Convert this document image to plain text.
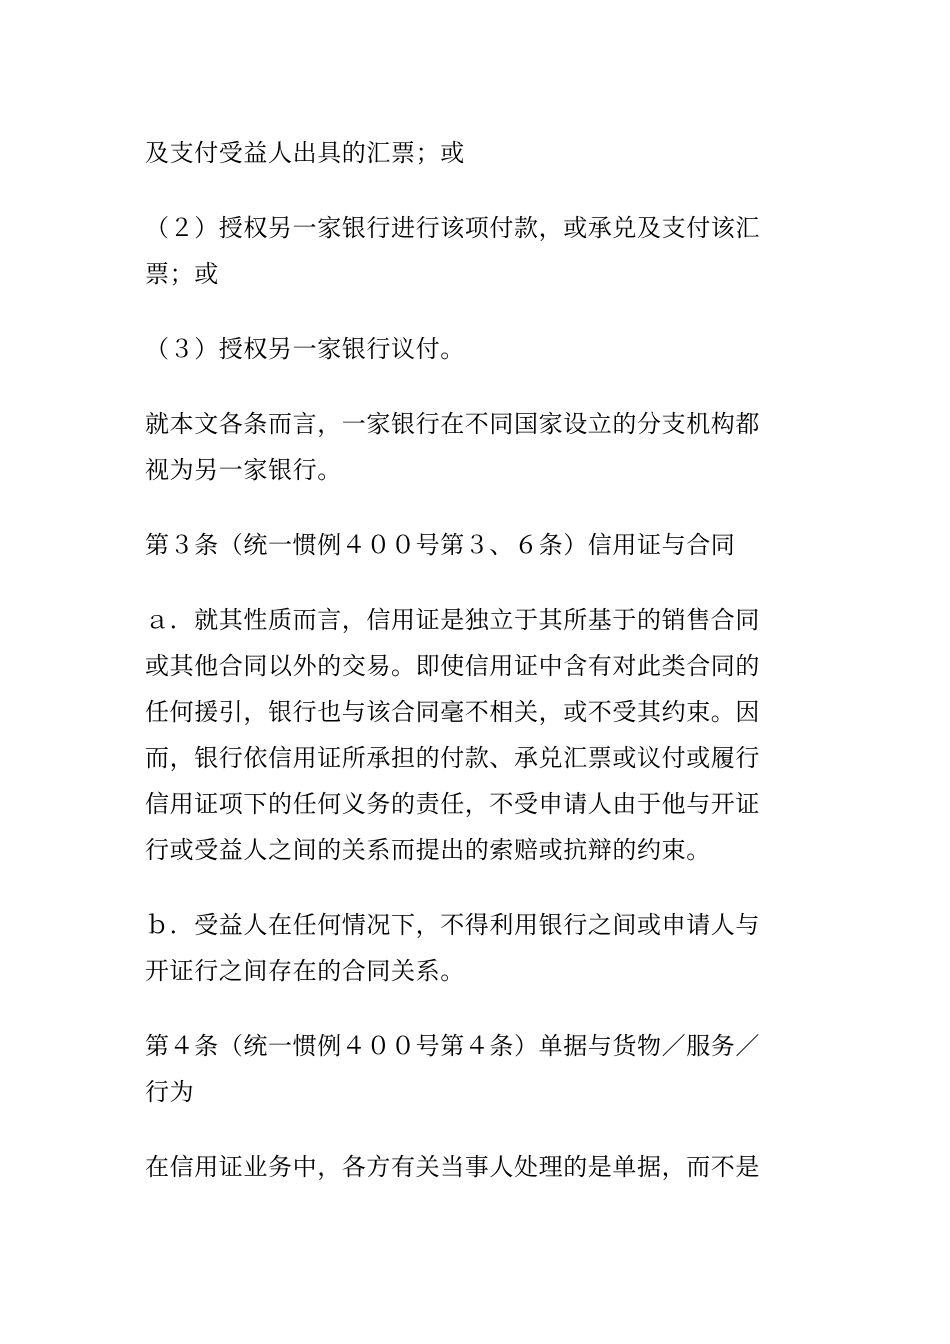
及支付受益人出具的汇票；或

（２）授权另一家银行进行该项付款，或承兑及支付该汇
票；或

（３）授权另一家银行议付。

就本文各条而言，一家银行在不同国家设立的分支机构都
视为另一家银行。

第３条（统一惯例４００号第３、６条）信用证与合同

ａ．就其性质而言，信用证是独立于其所基于的销售合同
或其他合同以外的交易。即使信用证中含有对此类合同的
任何援引，银行也与该合同毫不相关，或不受其约束。因
而，银行依信用证所承担的付款、承兑汇票或议付或履行
信用证项下的任何义务的责任，不受申请人由于他与开证
行或受益人之间的关系而提出的索赔或抗辩的约束。

ｂ．受益人在任何情况下，不得利用银行之间或申请人与
开证行之间存在的合同关系。

第４条（统一惯例４００号第４条）单据与货物／服务／
行为

在信用证业务中，各方有关当事人处理的是单据，而不是
